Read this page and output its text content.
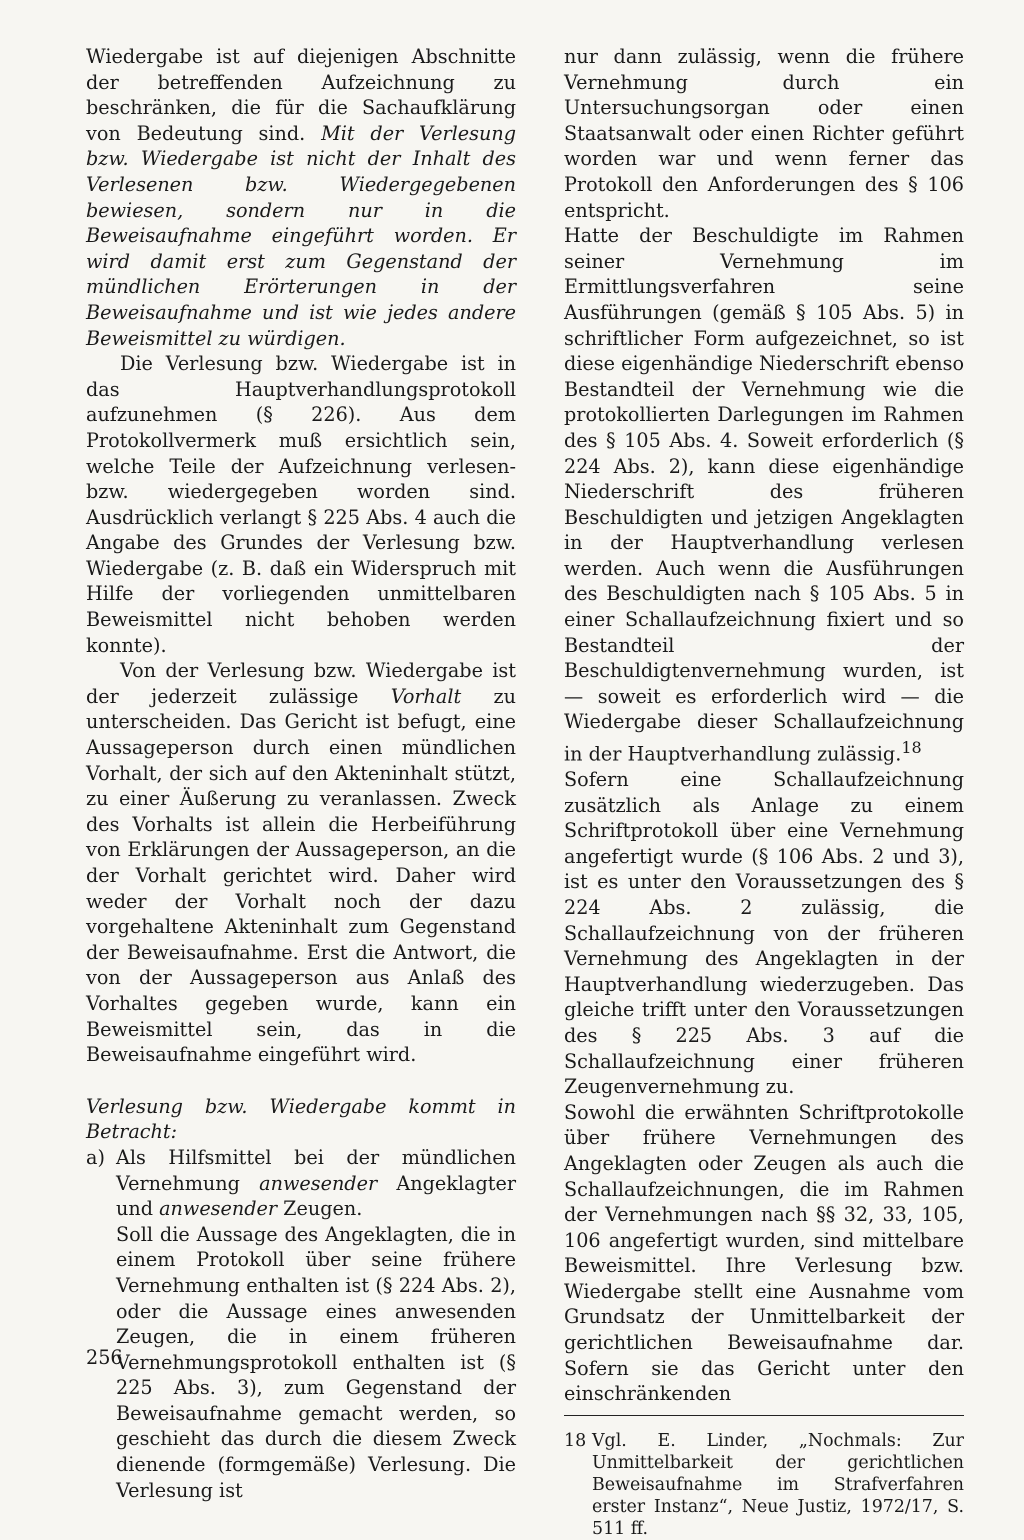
Wiedergabe ist auf diejenigen Abschnitte der betreffenden Aufzeichnung zu beschränken, die für die Sachaufklärung von Bedeutung sind. Mit der Verlesung bzw. Wiedergabe ist nicht der Inhalt des Verlesenen bzw. Wiedergegebenen bewiesen, sondern nur in die Beweisaufnahme eingeführt worden. Er wird damit erst zum Gegenstand der mündlichen Erörterungen in der Beweisaufnahme und ist wie jedes andere Beweismittel zu würdigen.

Die Verlesung bzw. Wiedergabe ist in das Hauptverhandlungsprotokoll aufzunehmen (§ 226). Aus dem Protokollvermerk muß ersichtlich sein, welche Teile der Aufzeichnung verlesen- bzw. wiedergegeben worden sind. Ausdrücklich verlangt § 225 Abs. 4 auch die Angabe des Grundes der Verlesung bzw. Wiedergabe (z. B. daß ein Widerspruch mit Hilfe der vorliegenden unmittelbaren Beweismittel nicht behoben werden konnte).

Von der Verlesung bzw. Wiedergabe ist der jederzeit zulässige Vorhalt zu unterscheiden. Das Gericht ist befugt, eine Aussageperson durch einen mündlichen Vorhalt, der sich auf den Akteninhalt stützt, zu einer Äußerung zu veranlassen. Zweck des Vorhalts ist allein die Herbeiführung von Erklärungen der Aussageperson, an die der Vorhalt gerichtet wird. Daher wird weder der Vorhalt noch der dazu vorgehaltene Akteninhalt zum Gegenstand der Beweisaufnahme. Erst die Antwort, die von der Aussageperson aus Anlaß des Vorhaltes gegeben wurde, kann ein Beweismittel sein, das in die Beweisaufnahme eingeführt wird.

Verlesung bzw. Wiedergabe kommt in Betracht:

a) Als Hilfsmittel bei der mündlichen Vernehmung anwesender Angeklagter und anwesender Zeugen.

Soll die Aussage des Angeklagten, die in einem Protokoll über seine frühere Vernehmung enthalten ist (§ 224 Abs. 2), oder die Aussage eines anwesenden Zeugen, die in einem früheren Vernehmungsprotokoll enthalten ist (§ 225 Abs. 3), zum Gegenstand der Beweisaufnahme gemacht werden, so geschieht das durch die diesem Zweck dienende (formgemäße) Verlesung. Die Verlesung ist

nur dann zulässig, wenn die frühere Vernehmung durch ein Untersuchungsorgan oder einen Staatsanwalt oder einen Richter geführt worden war und wenn ferner das Protokoll den Anforderungen des § 106 entspricht.

Hatte der Beschuldigte im Rahmen seiner Vernehmung im Ermittlungsverfahren seine Ausführungen (gemäß § 105 Abs. 5) in schriftlicher Form aufgezeichnet, so ist diese eigenhändige Niederschrift ebenso Bestandteil der Vernehmung wie die protokollierten Darlegungen im Rahmen des § 105 Abs. 4. Soweit erforderlich (§ 224 Abs. 2), kann diese eigenhändige Niederschrift des früheren Beschuldigten und jetzigen Angeklagten in der Hauptverhandlung verlesen werden. Auch wenn die Ausführungen des Beschuldigten nach § 105 Abs. 5 in einer Schallaufzeichnung fixiert und so Bestandteil der Beschuldigtenvernehmung wurden, ist — soweit es erforderlich wird — die Wiedergabe dieser Schallaufzeichnung in der Hauptverhandlung zulässig.$^{18}$

Sofern eine Schallaufzeichnung zusätzlich als Anlage zu einem Schriftprotokoll über eine Vernehmung angefertigt wurde (§ 106 Abs. 2 und 3), ist es unter den Voraussetzungen des § 224 Abs. 2 zulässig, die Schallaufzeichnung von der früheren Vernehmung des Angeklagten in der Hauptverhandlung wiederzugeben. Das gleiche trifft unter den Voraussetzungen des § 225 Abs. 3 auf die Schallaufzeichnung einer früheren Zeugenvernehmung zu.

Sowohl die erwähnten Schriftprotokolle über frühere Vernehmungen des Angeklagten oder Zeugen als auch die Schallaufzeichnungen, die im Rahmen der Vernehmungen nach §§ 32, 33, 105, 106 angefertigt wurden, sind mittelbare Beweismittel. Ihre Verlesung bzw. Wiedergabe stellt eine Ausnahme vom Grundsatz der Unmittelbarkeit der gerichtlichen Beweisaufnahme dar. Sofern sie das Gericht unter den einschränkenden

18 Vgl. E. Linder, „Nochmals: Zur Unmittelbarkeit der gerichtlichen Beweisaufnahme im Strafverfahren erster Instanz“, Neue Justiz, 1972/17, S. 511 ff.
256
